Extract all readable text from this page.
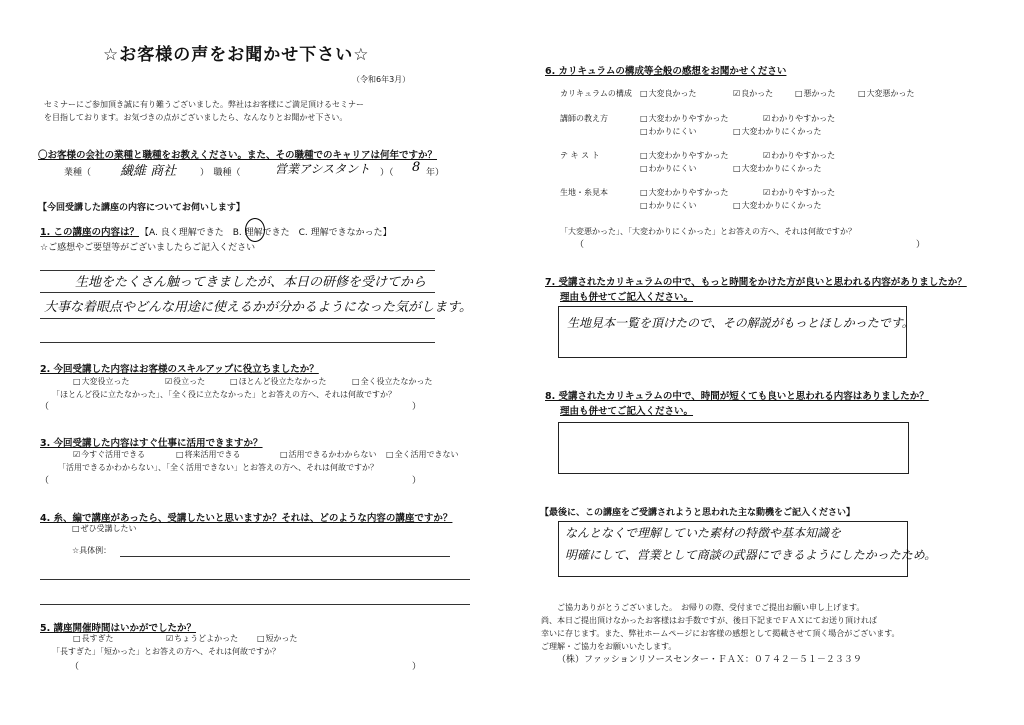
☆お客様の声をお聞かせ下さい☆
（令和6年3月）
セミナーにご参加頂き誠に有り難うございました。弊社はお客様にご満足頂けるセミナー
を目指しております。お気づきの点がございましたら、なんなりとお聞かせ下さい。
〇お客様の会社の業種と職種をお教えください。また、その職種でのキャリアは何年ですか？
業種（ 繊維 商社	）　職種（	営業アシスタント ）（ 8 年）
【今回受講した講座の内容についてお伺いします】
1. この講座の内容は？ 【A. 良く理解できた　B. 理解できた　C. 理解できなかった】
☆ご感想やご要望等がございましたらご記入ください
生地をたくさん触ってきましたが、本日の研修を受けてから
大事な着眼点やどんな用途に使えるかが分かるようになった気がします。
2. 今回受講した内容はお客様のスキルアップに役立ちましたか？
□ 大変役立った	☑ 役立った	□ ほとんど役立たなかった	□ 全く役立たなかった
「ほとんど役に立たなかった」、「全く役に立たなかった」とお答えの方へ、それは何故ですか？
（	）
3. 今回受講した内容はすぐ仕事に活用できますか？
☑ 今すぐ活用できる	□ 将来活用できる	□ 活用できるかわからない	□ 全く活用できない
「活用できるかわからない」、「全く活用できない」とお答えの方へ、それは何故ですか？
（	）
4. 糸、編で講座があったら、受講したいと思いますか？それは、どのような内容の講座ですか？
□ ぜひ受講したい
☆具体例：
5. 講座開催時間はいかがでしたか？
□ 長すぎた	☑ ちょうどよかった	□ 短かった
「長すぎた」「短かった」とお答えの方へ、それは何故ですか？
（	）
6. カリキュラムの構成等全般の感想をお聞かせください
カリキュラムの構成	□ 大変良かった	☑ 良かった	□ 悪かった	□ 大変悪かった
講師の教え方	□ 大変わかりやすかった	☑ わかりやすかった
□ わかりにくい	□ 大変わかりにくかった
テ キ ス ト	□ 大変わかりやすかった	☑ わかりやすかった
□ わかりにくい	□ 大変わかりにくかった
生地・糸見本	□ 大変わかりやすかった	☑ わかりやすかった
□ わかりにくい	□ 大変わかりにくかった
「大変悪かった」、「大変わかりにくかった」とお答えの方へ、それは何故ですか？
（	）
7. 受講されたカリキュラムの中で、もっと時間をかけた方が良いと思われる内容がありましたか？
理由も併せてご記入ください。
生地見本一覧を頂けたので、その解説がもっとほしかったです。
8. 受講されたカリキュラムの中で、時間が短くても良いと思われる内容はありましたか？
理由も併せてご記入ください。
【最後に、この講座をご受講されようと思われた主な動機をご記入ください】
なんとなくで理解していた素材の特徴や基本知識を
明確にして、営業として商談の武器にできるようにしたかったため。
ご協力ありがとうございました。　お帰りの際、受付までご提出お願い申し上げます。
尚、本日ご提出頂けなかったお客様はお手数ですが、後日下記までＦＡＸにてお送り頂ければ
幸いに存じます。また、弊社ホームページにお客様の感想として掲載させて頂く場合がございます。
ご理解・ご協力をお願いいたします。
（株）ファッションリソースセンター・ＦＡＸ：０７４２－５１－２３３９
